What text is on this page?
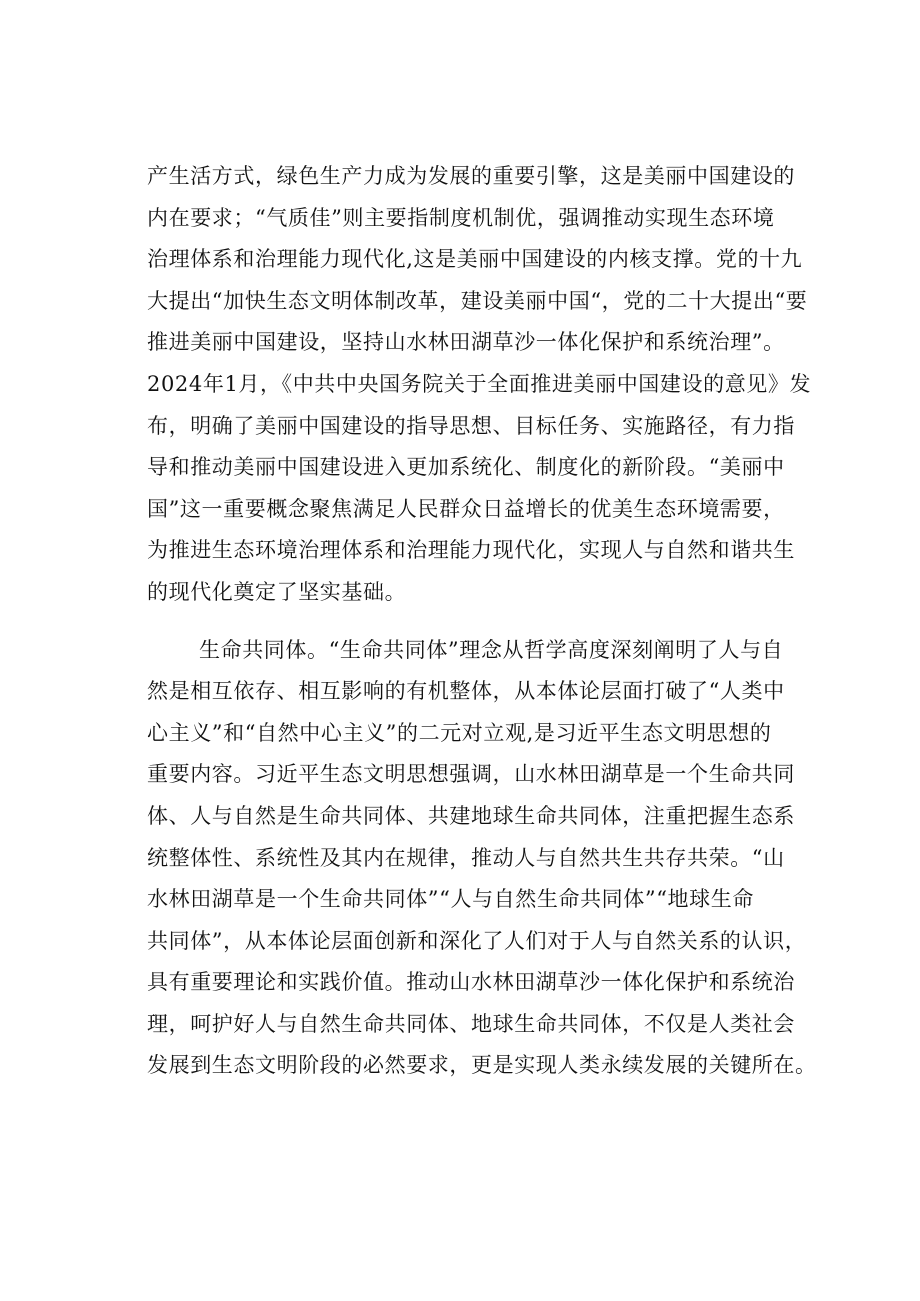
产生活方式，绿色生产力成为发展的重要引擎，这是美丽中国建设的
内在要求；“气质佳”则主要指制度机制优，强调推动实现生态环境
治理体系和治理能力现代化,这是美丽中国建设的内核支撑。党的十九
大提出“加快生态文明体制改革，建设美丽中国“，党的二十大提出“要
推进美丽中国建设，坚持山水林田湖草沙一体化保护和系统治理”。
2024年1月，《中共中央国务院关于全面推进美丽中国建设的意见》发
布，明确了美丽中国建设的指导思想、目标任务、实施路径，有力指
导和推动美丽中国建设进入更加系统化、制度化的新阶段。“美丽中
国”这一重要概念聚焦满足人民群众日益增长的优美生态环境需要，
为推进生态环境治理体系和治理能力现代化，实现人与自然和谐共生
的现代化奠定了坚实基础。
生命共同体。“生命共同体”理念从哲学高度深刻阐明了人与自
然是相互依存、相互影响的有机整体，从本体论层面打破了“人类中
心主义”和“自然中心主义”的二元对立观,是习近平生态文明思想的
重要内容。习近平生态文明思想强调，山水林田湖草是一个生命共同
体、人与自然是生命共同体、共建地球生命共同体，注重把握生态系
统整体性、系统性及其内在规律，推动人与自然共生共存共荣。“山
水林田湖草是一个生命共同体”“人与自然生命共同体”“地球生命
共同体”，从本体论层面创新和深化了人们对于人与自然关系的认识，
具有重要理论和实践价值。推动山水林田湖草沙一体化保护和系统治
理，呵护好人与自然生命共同体、地球生命共同体，不仅是人类社会
发展到生态文明阶段的必然要求，更是实现人类永续发展的关键所在。
